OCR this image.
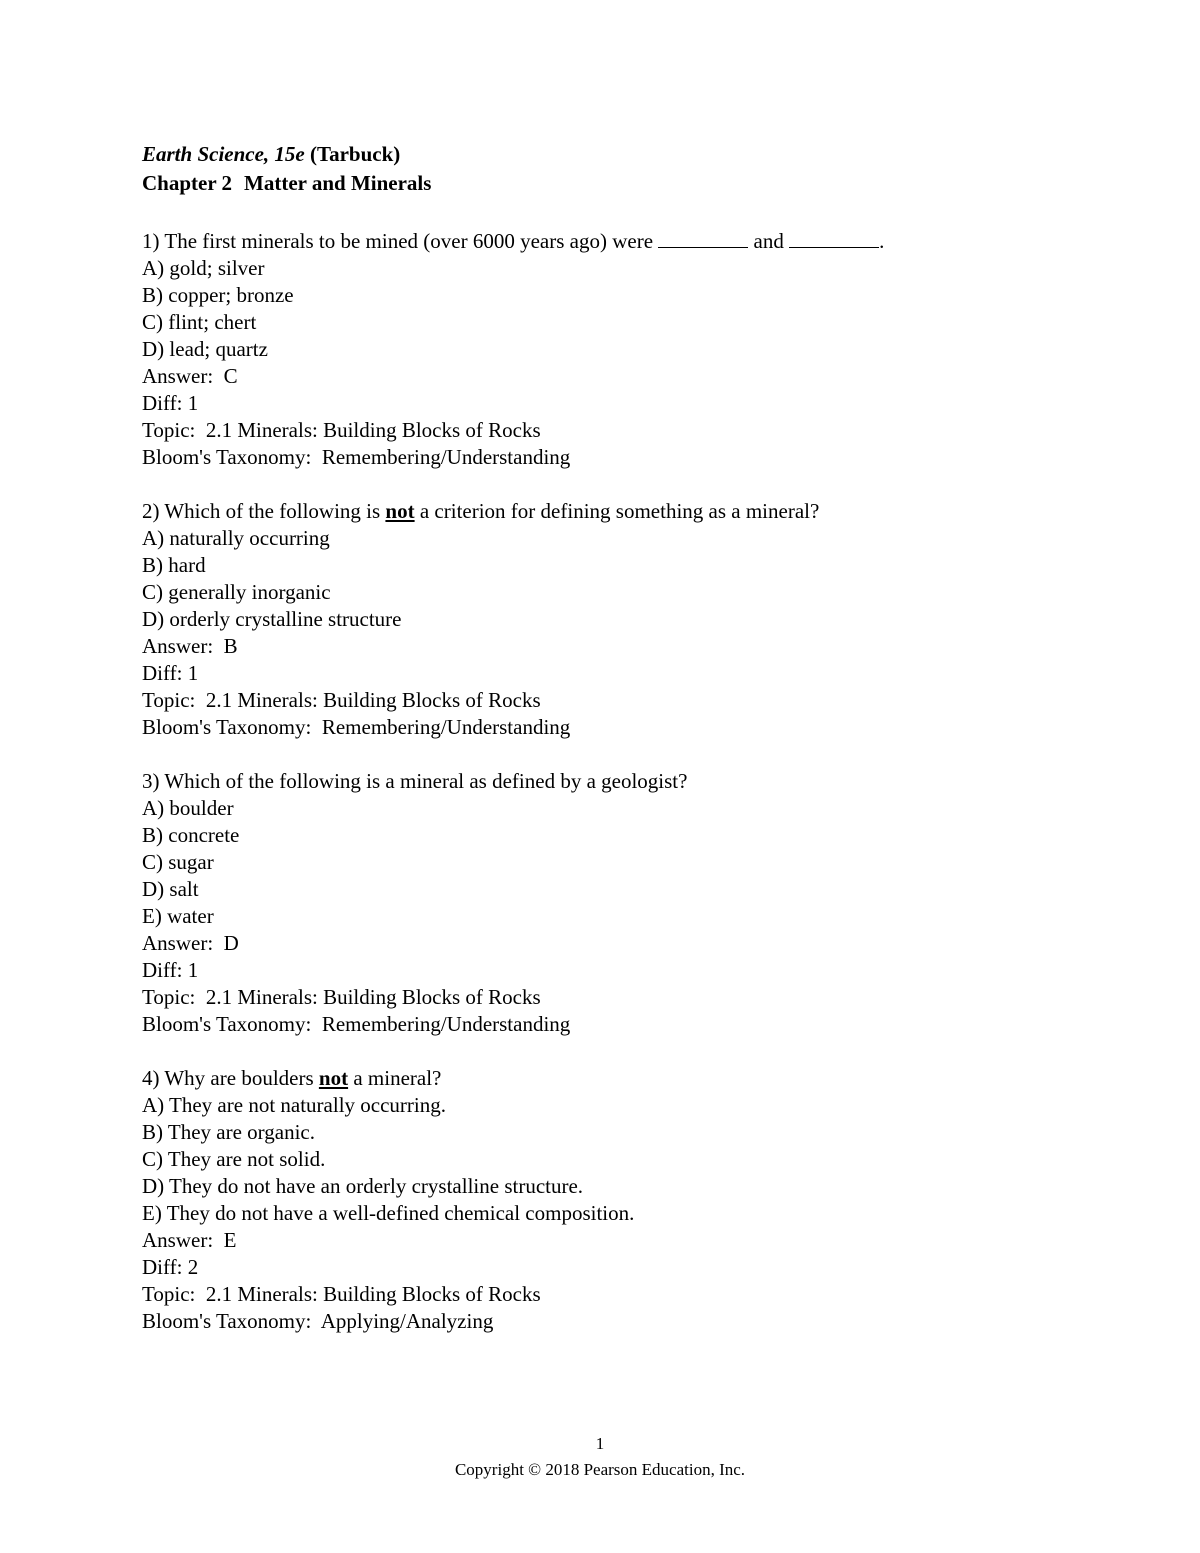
Earth Science, 15e (Tarbuck)
Chapter 2 Matter and Minerals
1) The first minerals to be mined (over 6000 years ago) were	and	.
A) gold; silver
B) copper; bronze
C) flint; chert
D) lead; quartz
Answer:  C
Diff: 1
Topic:  2.1 Minerals: Building Blocks of Rocks
Bloom's Taxonomy:  Remembering/Understanding
2) Which of the following is not a criterion for defining something as a mineral?
A) naturally occurring
B) hard
C) generally inorganic
D) orderly crystalline structure
Answer:  B
Diff: 1
Topic:  2.1 Minerals: Building Blocks of Rocks
Bloom's Taxonomy:  Remembering/Understanding
3) Which of the following is a mineral as defined by a geologist?
A) boulder
B) concrete
C) sugar
D) salt
E) water
Answer:  D
Diff: 1
Topic:  2.1 Minerals: Building Blocks of Rocks
Bloom's Taxonomy:  Remembering/Understanding
4) Why are boulders not a mineral?
A) They are not naturally occurring.
B) They are organic.
C) They are not solid.
D) They do not have an orderly crystalline structure.
E) They do not have a well-defined chemical composition.
Answer:  E
Diff: 2
Topic:  2.1 Minerals: Building Blocks of Rocks
Bloom's Taxonomy:  Applying/Analyzing
1
Copyright © 2018 Pearson Education, Inc.
